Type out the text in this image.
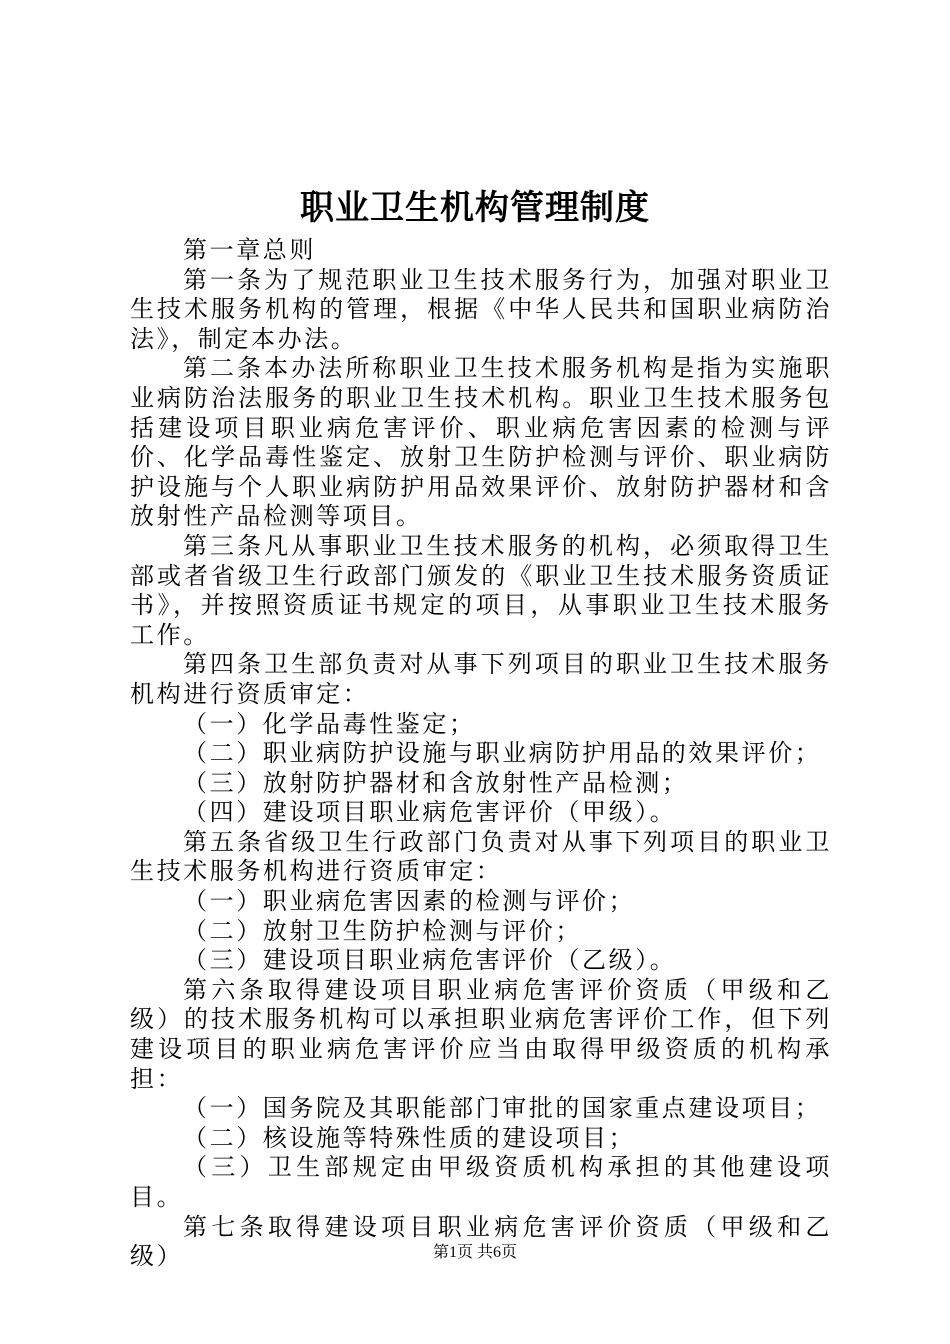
职业卫生机构管理制度

第一章总则

第一条为了规范职业卫生技术服务行为，加强对职业卫生技术服务机构的管理，根据《中华人民共和国职业病防治法》，制定本办法。

第二条本办法所称职业卫生技术服务机构是指为实施职业病防治法服务的职业卫生技术机构。职业卫生技术服务包括建设项目职业病危害评价、职业病危害因素的检测与评价、化学品毒性鉴定、放射卫生防护检测与评价、职业病防护设施与个人职业病防护用品效果评价、放射防护器材和含放射性产品检测等项目。

第三条凡从事职业卫生技术服务的机构，必须取得卫生部或者省级卫生行政部门颁发的《职业卫生技术服务资质证书》，并按照资质证书规定的项目，从事职业卫生技术服务工作。

第四条卫生部负责对从事下列项目的职业卫生技术服务机构进行资质审定：

（一）化学品毒性鉴定；

（二）职业病防护设施与职业病防护用品的效果评价；

（三）放射防护器材和含放射性产品检测；

（四）建设项目职业病危害评价（甲级）。

第五条省级卫生行政部门负责对从事下列项目的职业卫生技术服务机构进行资质审定：

（一）职业病危害因素的检测与评价；

（二）放射卫生防护检测与评价；

（三）建设项目职业病危害评价（乙级）。

第六条取得建设项目职业病危害评价资质（甲级和乙级）的技术服务机构可以承担职业病危害评价工作，但下列建设项目的职业病危害评价应当由取得甲级资质的机构承担：

（一）国务院及其职能部门审批的国家重点建设项目；

（二）核设施等特殊性质的建设项目；

（三）卫生部规定由甲级资质机构承担的其他建设项目。

第七条取得建设项目职业病危害评价资质（甲级和乙级）	第1页 共6页
